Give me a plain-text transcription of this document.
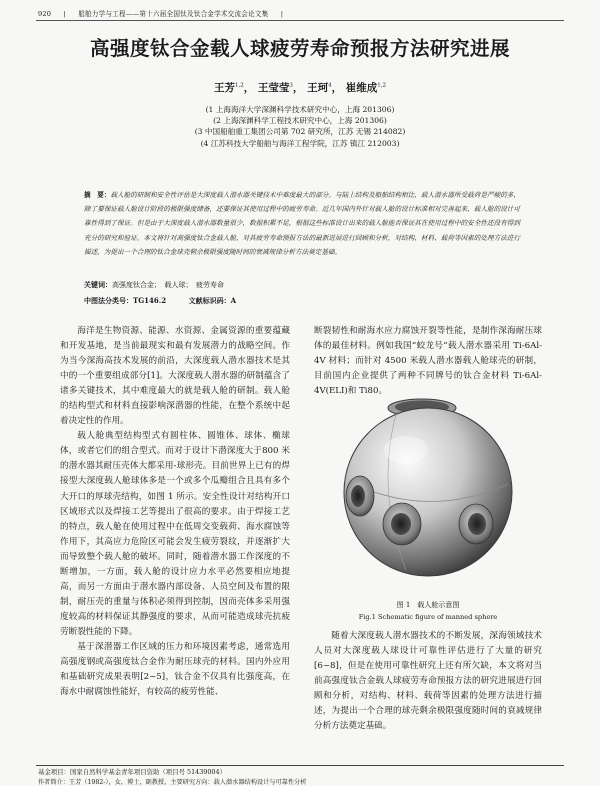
920 | 船舶力学与工程——第十六届全国钛及钛合金学术交流会论文集 |
高强度钛合金载人球疲劳寿命预报方法研究进展
王芳$^{1,2}$， 王莹莹$^3$， 王珂$^4$， 崔维成$^{1,2}$
(1 上海海洋大学深渊科学技术研究中心，上海 201306)
(2 上海深渊科学工程技术研究中心，上海 201306)
(3 中国船舶重工集团公司第 702 研究所，江苏 无锡 214082)
(4 江苏科技大学船舶与海洋工程学院，江苏 镇江 212003)
摘　要：载人舱的研制和安全性评估是大深度载人潜水器关键技术中难度最大的部分。与陆上结构及船舶结构相比，载人潜水器所受载荷是严峻的多，除了要保证载人舱设计阶段的极限强度储备，还要保证其使用过程中的疲劳寿命。近几年国内外针对载人舱的设计标准相对完善起来，载人舱的设计可靠性得到了保证。但是由于大深度载人潜水器数量很少，数据积累不足，根据这些标准设计出来的载人舱能否保证其在使用过程中的安全性还没有得到充分的研究和验证。本文将针对高强度钛合金载人舱，对其疲劳寿命预报方法的最新进展进行回顾和分析，对结构、材料、载荷等因素的处理方法进行描述，为提出一个合理的钛合金球壳剩余极限强度随时间的衰减规律分析方法奠定基础。
关键词：高强度钛合金；　载人球；　疲劳寿命
中图法分类号：TG146.2	文献标识码：A

海洋是生物资源、能源、水资源、金属资源的重要蕴藏和开发基地，是当前最现实和最有发展潜力的战略空间。作为当今深海高技术发展的前沿，大深度载人潜水器技术是其中的一个重要组成部分[1]。大深度载人潜水器的研制蕴含了诸多关键技术，其中难度最大的就是载人舱的研制。载人舱的结构型式和材料直接影响深潜器的性能，在整个系统中起着决定性的作用。

载人舱典型结构型式有圆柱体、圆锥体、球体、椭球体，或者它们的组合型式。而对于设计下潜深度大于800 米的潜水器其耐压壳体大都采用-球形壳。目前世界上已有的焊接型大深度载人舱球体多是一个或多个瓜瓣组合且具有多个大开口的厚球壳结构，如图 1 所示。安全性设计对结构开口区域形式以及焊接工艺等提出了很高的要求。由于焊接工艺的特点，载人舱在使用过程中在低周交变载荷、海水腐蚀等作用下，其高应力危险区可能会发生疲劳裂纹，并逐渐扩大而导致整个载人舱的破坏。同时，随着潜水器工作深度的不断增加，一方面，载人舱的设计应力水平必然要相应地提高，而另一方面由于潜水器内部设备、人员空间及布置的限制，耐压壳的重量与体积必须得到控制，因而壳体多采用强度较高的材料保证其静强度的要求，从而可能造成球壳抗疲劳断裂性能的下降。

基于深潜器工作区域的压力和环境因素考虑，通常选用高强度钢或高强度钛合金作为耐压球壳的材料。国内外应用和基础研究成果表明[2~5]，钛合金不仅具有比强度高，在海水中耐腐蚀性能好，有较高的疲劳性能、

断裂韧性和耐海水应力腐蚀开裂等性能，是制作深海耐压球体的最佳材料。例如我国“蛟龙号”载人潜水器采用 Ti-6Al-4V 材料；而针对 4500 米载人潜水器载人舱球壳的研制，目前国内企业提供了两种不同牌号的钛合金材料 Ti-6Al-4V(ELI)和 Ti80。

图 1　载人舱示意图
Fig.1 Schematic figure of manned sphere

随着大深度载人潜水器技术的不断发展，深海领域技术人员对大深度载人球设计可靠性评估进行了大量的研究[6~8]，但是在使用可靠性研究上还有所欠缺，本文将对当前高强度钛合金载人球疲劳寿命预报方法的研究进展进行回顾和分析，对结构、材料、载荷等因素的处理方法进行描述，为提出一个合理的球壳剩余极限强度随时间的衰减规律分析方法奠定基础。

基金项目：国家自然科学基金青年项目资助（项目号 51439004）
作者简介：王芳（1982-），女，博士，副教授，主要研究方向：载人潜水器结构设计与可靠性分析
